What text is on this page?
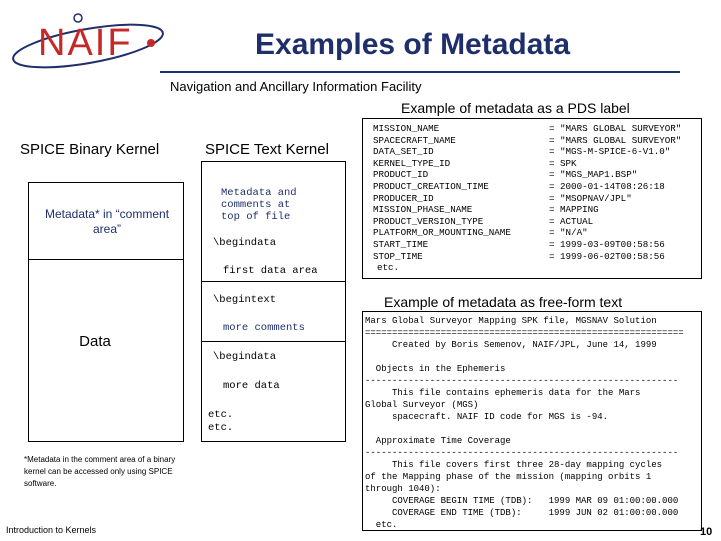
NAIF	Examples of Metadata
Navigation and Ancillary Information Facility
SPICE Binary Kernel
Metadata* in “comment area”
Data
*Metadata in the comment area of a binary kernel can be accessed only using SPICE software.
SPICE Text Kernel
Metadata and
comments at
top of file
\begindata
first data area
\begintext
more comments
\begindata
more data
etc.
etc.
Example of metadata as a PDS label
MISSION_NAME
SPACECRAFT_NAME
DATA_SET_ID
KERNEL_TYPE_ID
PRODUCT_ID
PRODUCT_CREATION_TIME
PRODUCER_ID
MISSION_PHASE_NAME
PRODUCT_VERSION_TYPE
PLATFORM_OR_MOUNTING_NAME
START_TIME
STOP_TIME
etc.
= "MARS GLOBAL SURVEYOR"
= "MARS GLOBAL SURVEYOR"
= "MGS-M-SPICE-6-V1.0"
= SPK
= "MGS_MAP1.BSP"
= 2000-01-14T08:26:18
= "MSOPNAV/JPL"
= MAPPING
= ACTUAL
= "N/A"
= 1999-03-09T00:58:56
= 1999-06-02T00:58:56

Example of metadata as free-form text
Mars Global Surveyor Mapping SPK file, MGSNAV Solution
===========================================================
Created by Boris Semenov, NAIF/JPL, June 14, 1999

Objects in the Ephemeris
----------------------------------------------------------
This file contains ephemeris data for the Mars
Global Surveyor (MGS)
spacecraft. NAIF ID code for MGS is -94.

Approximate Time Coverage
----------------------------------------------------------
This file covers first three 28-day mapping cycles
of the Mapping phase of the mission (mapping orbits 1
through 1040):
COVERAGE BEGIN TIME (TDB):   1999 MAR 09 01:00:00.000
COVERAGE END TIME (TDB):     1999 JUN 02 01:00:00.000
etc.
Introduction to Kernels	10
